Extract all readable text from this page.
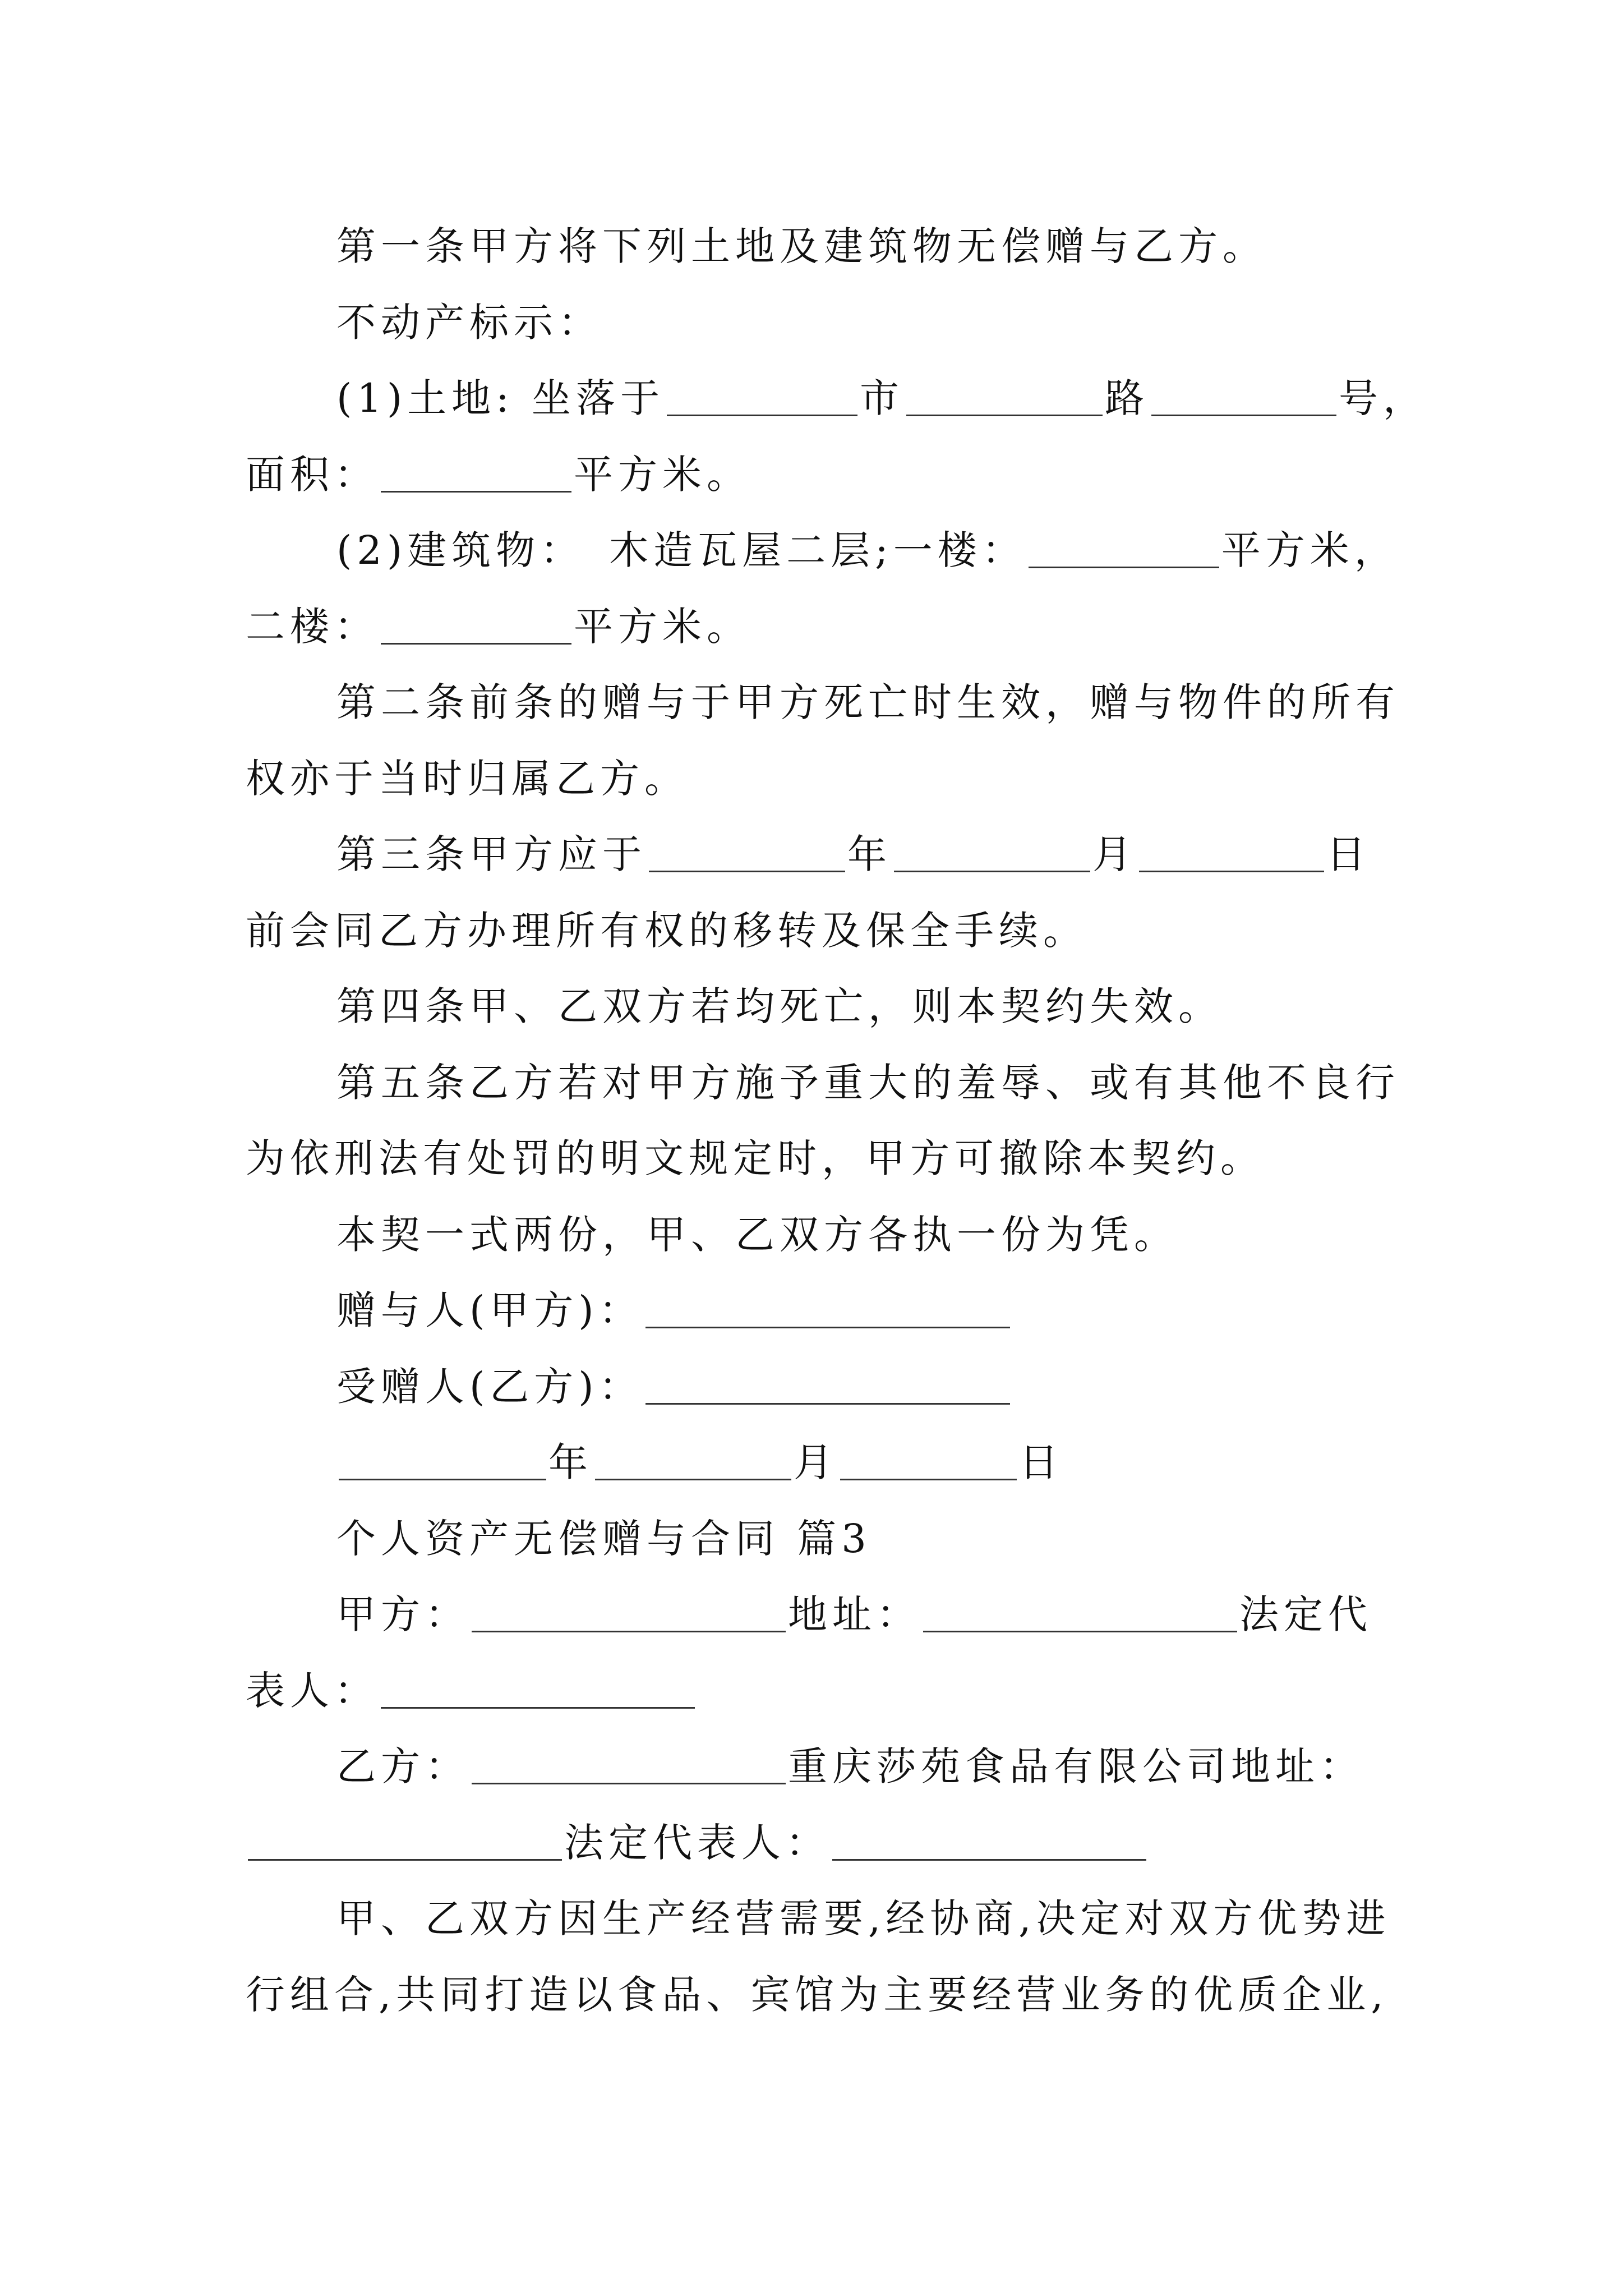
第一条甲方将下列土地及建筑物无偿赠与乙方。

不动产标示：

(1)土地: 坐落于	市	路	号，

面积：	平方米。

(2)建筑物： 木造瓦屋二层;一楼：	平方米，

二楼：	平方米。

第二条前条的赠与于甲方死亡时生效，赠与物件的所有

权亦于当时归属乙方。

第三条甲方应于	年	月	日

前会同乙方办理所有权的移转及保全手续。

第四条甲、乙双方若均死亡，则本契约失效。

第五条乙方若对甲方施予重大的羞辱、或有其他不良行

为依刑法有处罚的明文规定时，甲方可撤除本契约。

本契一式两份，甲、乙双方各执一份为凭。

赠与人(甲方)：

受赠人(乙方)：

年	月	日

个人资产无偿赠与合同 篇3

甲方：	地址：	法定代

表人：

乙方：	重庆莎苑食品有限公司地址：

法定代表人：

甲、乙双方因生产经营需要,经协商,决定对双方优势进

行组合,共同打造以食品、宾馆为主要经营业务的优质企业,
